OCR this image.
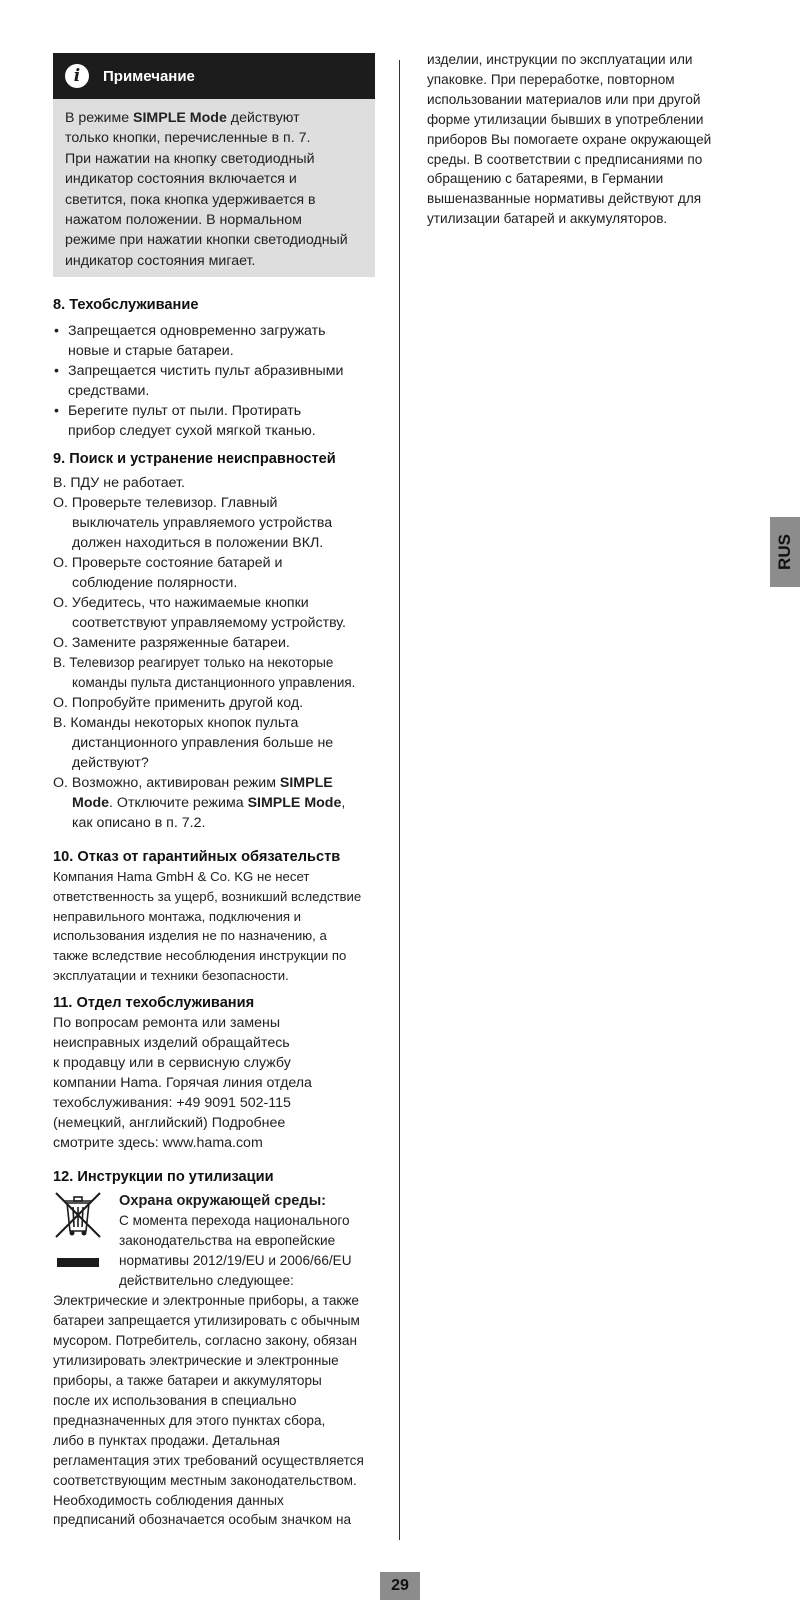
i	Примечание

В режиме SIMPLE Mode действуют

только кнопки, перечисленные в п. 7.

При нажатии на кнопку светодиодный

индикатор состояния включается и

светится, пока кнопка удерживается в

нажатом положении. В нормальном

режиме при нажатии кнопки светодиодный

индикатор состояния мигает.

8. Техобслуживание
• Запрещается одновременно загружать
новые и старые батареи.
• Запрещается чистить пульт абразивными
средствами.
• Берегите пульт от пыли. Протирать
прибор следует сухой мягкой тканью.
9. Поиск и устранение неисправностей
В. ПДУ не работает.
О. Проверьте телевизор. Главный
выключатель управляемого устройства
должен находиться в положении ВКЛ.
О. Проверьте состояние батарей и
соблюдение полярности.
О. Убедитесь, что нажимаемые кнопки
соответствуют управляемому устройству.
О. Замените разряженные батареи.
В. Телевизор реагирует только на некоторые
команды пульта дистанционного управления.
О. Попробуйте применить другой код.
В. Команды некоторых кнопок пульта
дистанционного управления больше не
действуют?
О. Возможно, активирован режим SIMPLE Mode. Отключите режима SIMPLE Mode,
как описано в п. 7.2.
10. Отказ от гарантийных обязательств
Компания Hama GmbH & Co. KG не несет
ответственность за ущерб, возникший вследствие
неправильного монтажа, подключения и
использования изделия не по назначению, а
также вследствие несоблюдения инструкции по
эксплуатации и техники безопасности.
11. Отдел техобслуживания
По вопросам ремонта или замены
неисправных изделий обращайтесь
к продавцу или в сервисную службу
компании Hama. Горячая линия отдела
техобслуживания: +49 9091 502-115
(немецкий, английский) Подробнее
смотрите здесь: www.hama.com
12. Инструкции по утилизации
Охрана окружающей среды:
С момента перехода национального
законодательства на европейские
нормативы 2012/19/EU и 2006/66/EU
действительно следующее:
Электрические и электронные приборы, а также
батареи запрещается утилизировать с обычным
мусором. Потребитель, согласно закону, обязан
утилизировать электрические и электронные
приборы, а также батареи и аккумуляторы
после их использования в специально
предназначенных для этого пунктах сбора,
либо в пунктах продажи. Детальная
регламентация этих требований осуществляется
соответствующим местным законодательством.
Необходимость соблюдения данных
предписаний обозначается особым значком на
изделии, инструкции по эксплуатации или
упаковке. При переработке, повторном
использовании материалов или при другой
форме утилизации бывших в употреблении
приборов Вы помогаете охране окружающей
среды. В соответствии с предписаниями по
обращению с батареями, в Германии
вышеназванные нормативы действуют для
утилизации батарей и аккумуляторов.
RUS
29
